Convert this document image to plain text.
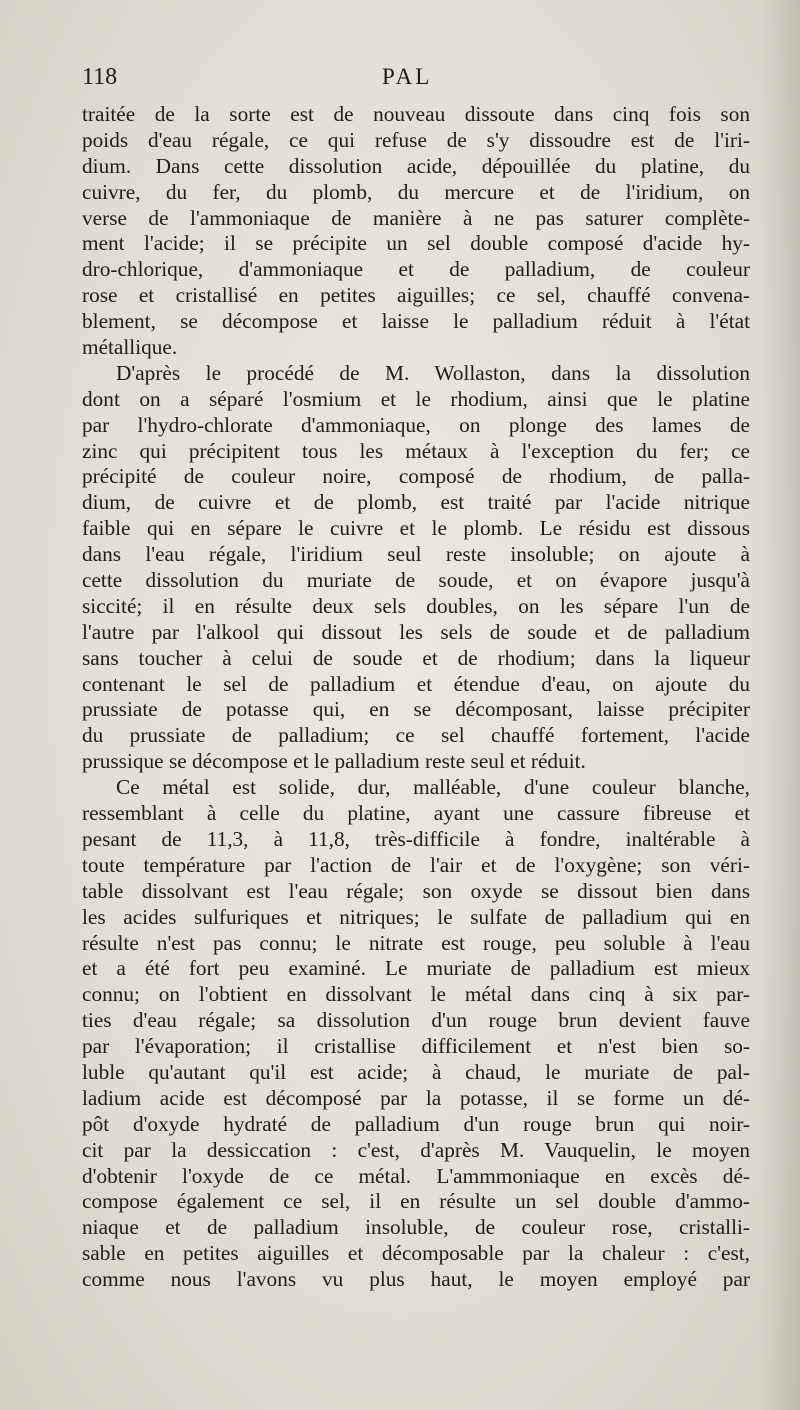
118	PAL
traitée de la sorte est de nouveau dissoute dans cinq fois son
poids d'eau régale, ce qui refuse de s'y dissoudre est de l'iri-
dium. Dans cette dissolution acide, dépouillée du platine, du
cuivre, du fer, du plomb, du mercure et de l'iridium, on
verse de l'ammoniaque de manière à ne pas saturer complète-
ment l'acide; il se précipite un sel double composé d'acide hy-
dro-chlorique, d'ammoniaque et de palladium, de couleur
rose et cristallisé en petites aiguilles; ce sel, chauffé convena-
blement, se décompose et laisse le palladium réduit à l'état
métallique.
D'après le procédé de M. Wollaston, dans la dissolution
dont on a séparé l'osmium et le rhodium, ainsi que le platine
par l'hydro-chlorate d'ammoniaque, on plonge des lames de
zinc qui précipitent tous les métaux à l'exception du fer; ce
précipité de couleur noire, composé de rhodium, de palla-
dium, de cuivre et de plomb, est traité par l'acide nitrique
faible qui en sépare le cuivre et le plomb. Le résidu est dissous
dans l'eau régale, l'iridium seul reste insoluble; on ajoute à
cette dissolution du muriate de soude, et on évapore jusqu'à
siccité; il en résulte deux sels doubles, on les sépare l'un de
l'autre par l'alkool qui dissout les sels de soude et de palladium
sans toucher à celui de soude et de rhodium; dans la liqueur
contenant le sel de palladium et étendue d'eau, on ajoute du
prussiate de potasse qui, en se décomposant, laisse précipiter
du prussiate de palladium; ce sel chauffé fortement, l'acide
prussique se décompose et le palladium reste seul et réduit.
Ce métal est solide, dur, malléable, d'une couleur blanche,
ressemblant à celle du platine, ayant une cassure fibreuse et
pesant de 11,3, à 11,8, très-difficile à fondre, inaltérable à
toute température par l'action de l'air et de l'oxygène; son véri-
table dissolvant est l'eau régale; son oxyde se dissout bien dans
les acides sulfuriques et nitriques; le sulfate de palladium qui en
résulte n'est pas connu; le nitrate est rouge, peu soluble à l'eau
et a été fort peu examiné. Le muriate de palladium est mieux
connu; on l'obtient en dissolvant le métal dans cinq à six par-
ties d'eau régale; sa dissolution d'un rouge brun devient fauve
par l'évaporation; il cristallise difficilement et n'est bien so-
luble qu'autant qu'il est acide; à chaud, le muriate de pal-
ladium acide est décomposé par la potasse, il se forme un dé-
pôt d'oxyde hydraté de palladium d'un rouge brun qui noir-
cit par la dessiccation : c'est, d'après M. Vauquelin, le moyen
d'obtenir l'oxyde de ce métal. L'ammmoniaque en excès dé-
compose également ce sel, il en résulte un sel double d'ammo-
niaque et de palladium insoluble, de couleur rose, cristalli-
sable en petites aiguilles et décomposable par la chaleur : c'est,
comme nous l'avons vu plus haut, le moyen employé par
